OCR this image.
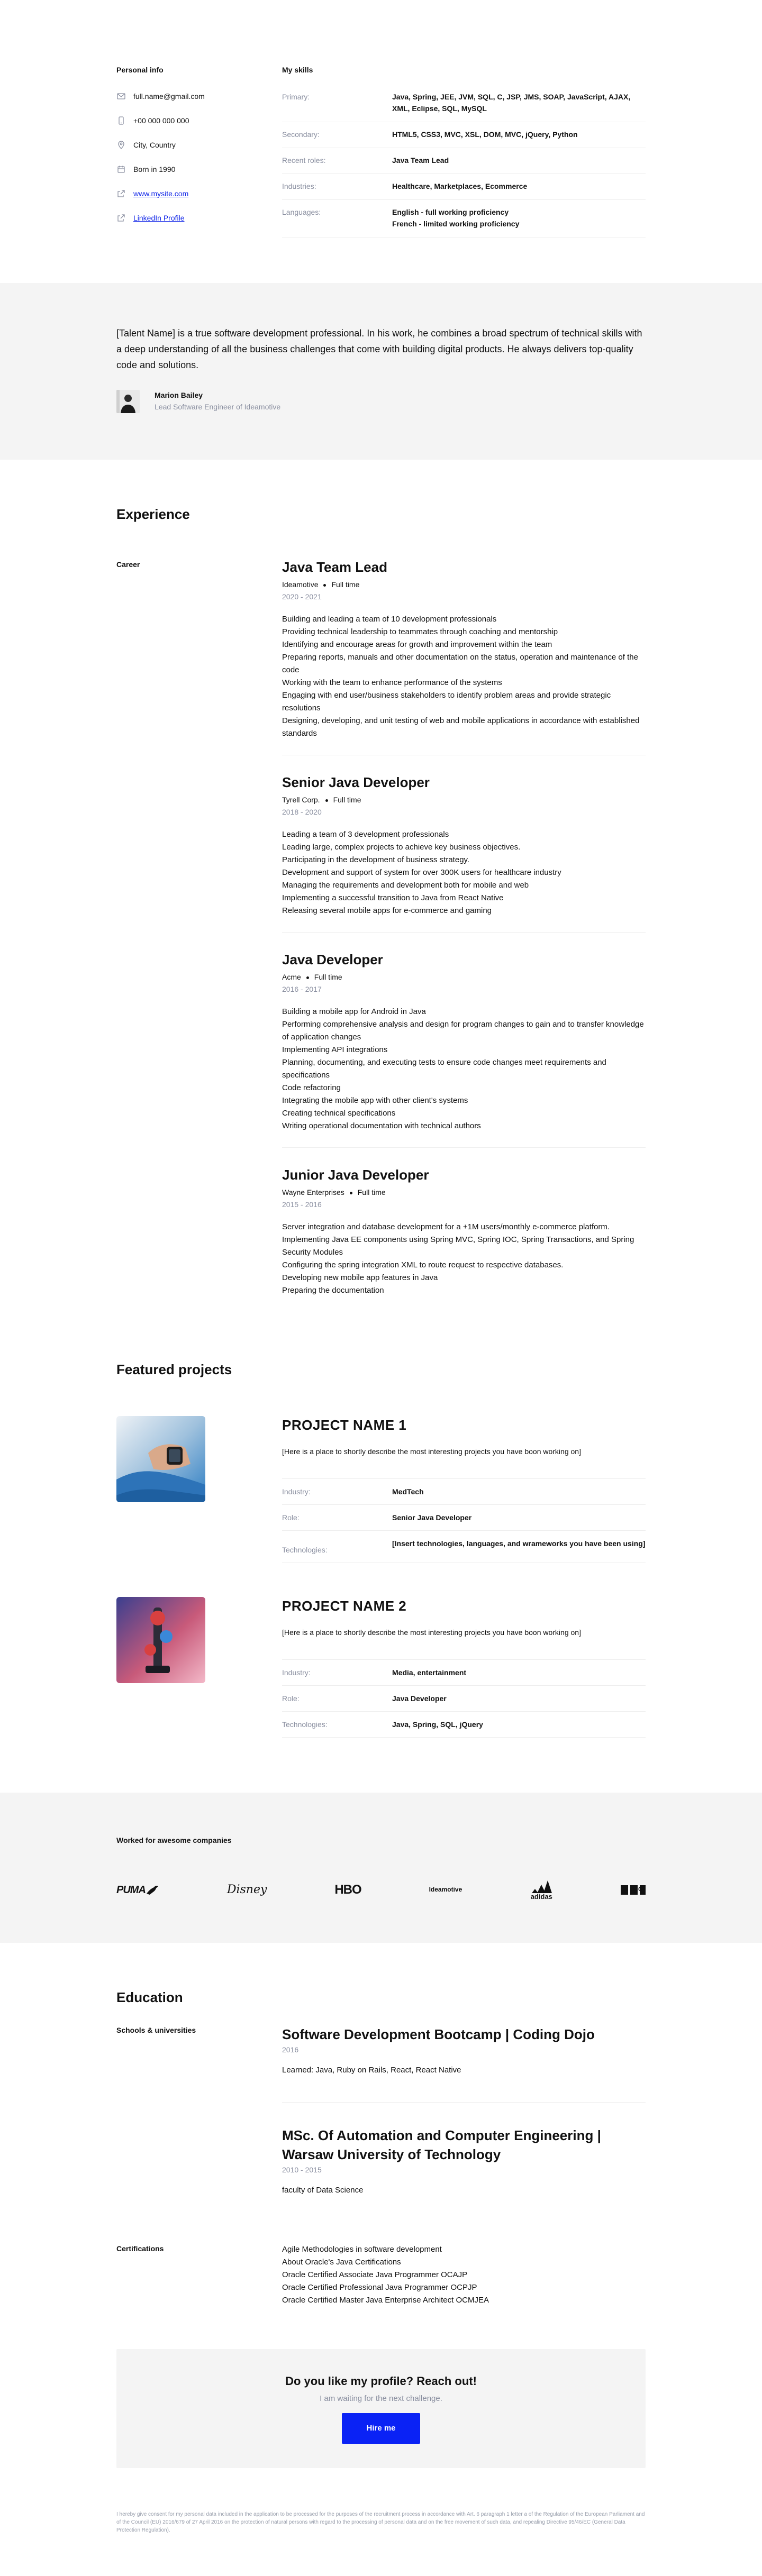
Personal info
full.name@gmail.com
+00 000 000 000
City, Country
Born in 1990
www.mysite.com
LinkedIn Profile
My skills
Primary:	Java, Spring, JEE, JVM, SQL, C, JSP, JMS, SOAP, JavaScript, AJAX, XML, Eclipse, SQL, MySQL
Secondary:	HTML5, CSS3, MVC, XSL, DOM, MVC, jQuery, Python
Recent roles:	Java Team Lead
Industries:	Healthcare, Marketplaces, Ecommerce
Languages:	English - full working proficiency
French - limited working proficiency

[Talent Name] is a true software development professional. In his work, he combines a broad spectrum of technical skills with a deep understanding of all the business challenges that come with building digital products. He always delivers top-quality code and solutions.

Marion Bailey
Lead Software Engineer of Ideamotive
Experience
Career	Java Team Lead
Ideamotive Full time
2020 - 2021
Building and leading a team of 10 development professionals
Providing technical leadership to teammates through coaching and mentorship
Identifying and encourage areas for growth and improvement within the team
Preparing reports, manuals and other documentation on the status, operation and maintenance of the code
Working with the team to enhance performance of the systems
Engaging with end user/business stakeholders to identify problem areas and provide strategic resolutions
Designing, developing, and unit testing of web and mobile applications in accordance with established standards
Senior Java Developer
Tyrell Corp. Full time
2018 - 2020
Leading a team of 3 development professionals
Leading large, complex projects to achieve key business objectives.
Participating in the development of business strategy.
Development and support of system for over 300K users for healthcare industry
Managing the requirements and development both for mobile and web
Implementing a successful transition to Java from React Native
Releasing several mobile apps for e-commerce and gaming
Java Developer
Acme Full time
2016 - 2017
Building a mobile app for Android in Java
Performing comprehensive analysis and design for program changes to gain and to transfer knowledge of application changes
Implementing API integrations
Planning, documenting, and executing tests to ensure code changes meet requirements and specifications
Code refactoring
Integrating the mobile app with other client's systems
Creating technical specifications
Writing operational documentation with technical authors
Junior Java Developer
Wayne Enterprises Full time
2015 - 2016
Server integration and database development for a +1M users/monthly e-commerce platform.
Implementing Java EE components using Spring MVC, Spring IOC, Spring Transactions, and Spring Security Modules
Configuring the spring integration XML to route request to respective databases.
Developing new mobile app features in Java
Preparing the documentation
Featured projects
PROJECT NAME 1
[Here is a place to shortly describe the most interesting projects you have boon working on]
Industry:	MedTech
Role:	Senior Java Developer
Technologies:
[Insert technologies, languages, and wrameworks you have been using]
PROJECT NAME 2
[Here is a place to shortly describe the most interesting projects you have boon working on]
Industry:	Media, entertainment
Role:	Java Developer
Technologies:	Java, Spring, SQL, jQuery
Worked for awesome companies
PUMA	Disney	HBO	Ideamotive
adidas
BBC
Education
Schools & universities	Software Development Bootcamp | Coding Dojo
2016
Learned: Java, Ruby on Rails, React, React Native
MSc. Of Automation and Computer Engineering | Warsaw University of Technology
2010 - 2015
faculty of Data Science
Certifications	Agile Methodologies in software development
About Oracle's Java Certifications
Oracle Certified Associate Java Programmer OCAJP
Oracle Certified Professional Java Programmer OCPJP
Oracle Certified Master Java Enterprise Architect OCMJEA
Do you like my profile? Reach out!

I am waiting for the next challenge.

Hire me
I hereby give consent for my personal data included in the application to be processed for the purposes of the recruitment process in accordance with Art. 6 paragraph 1 letter a of the Regulation of the European Parliament and of the Council (EU) 2016/679 of 27 April 2016 on the protection of natural persons with regard to the processing of personal data and on the free movement of such data, and repealing Directive 95/46/EC (General Data Protection Regulation).
